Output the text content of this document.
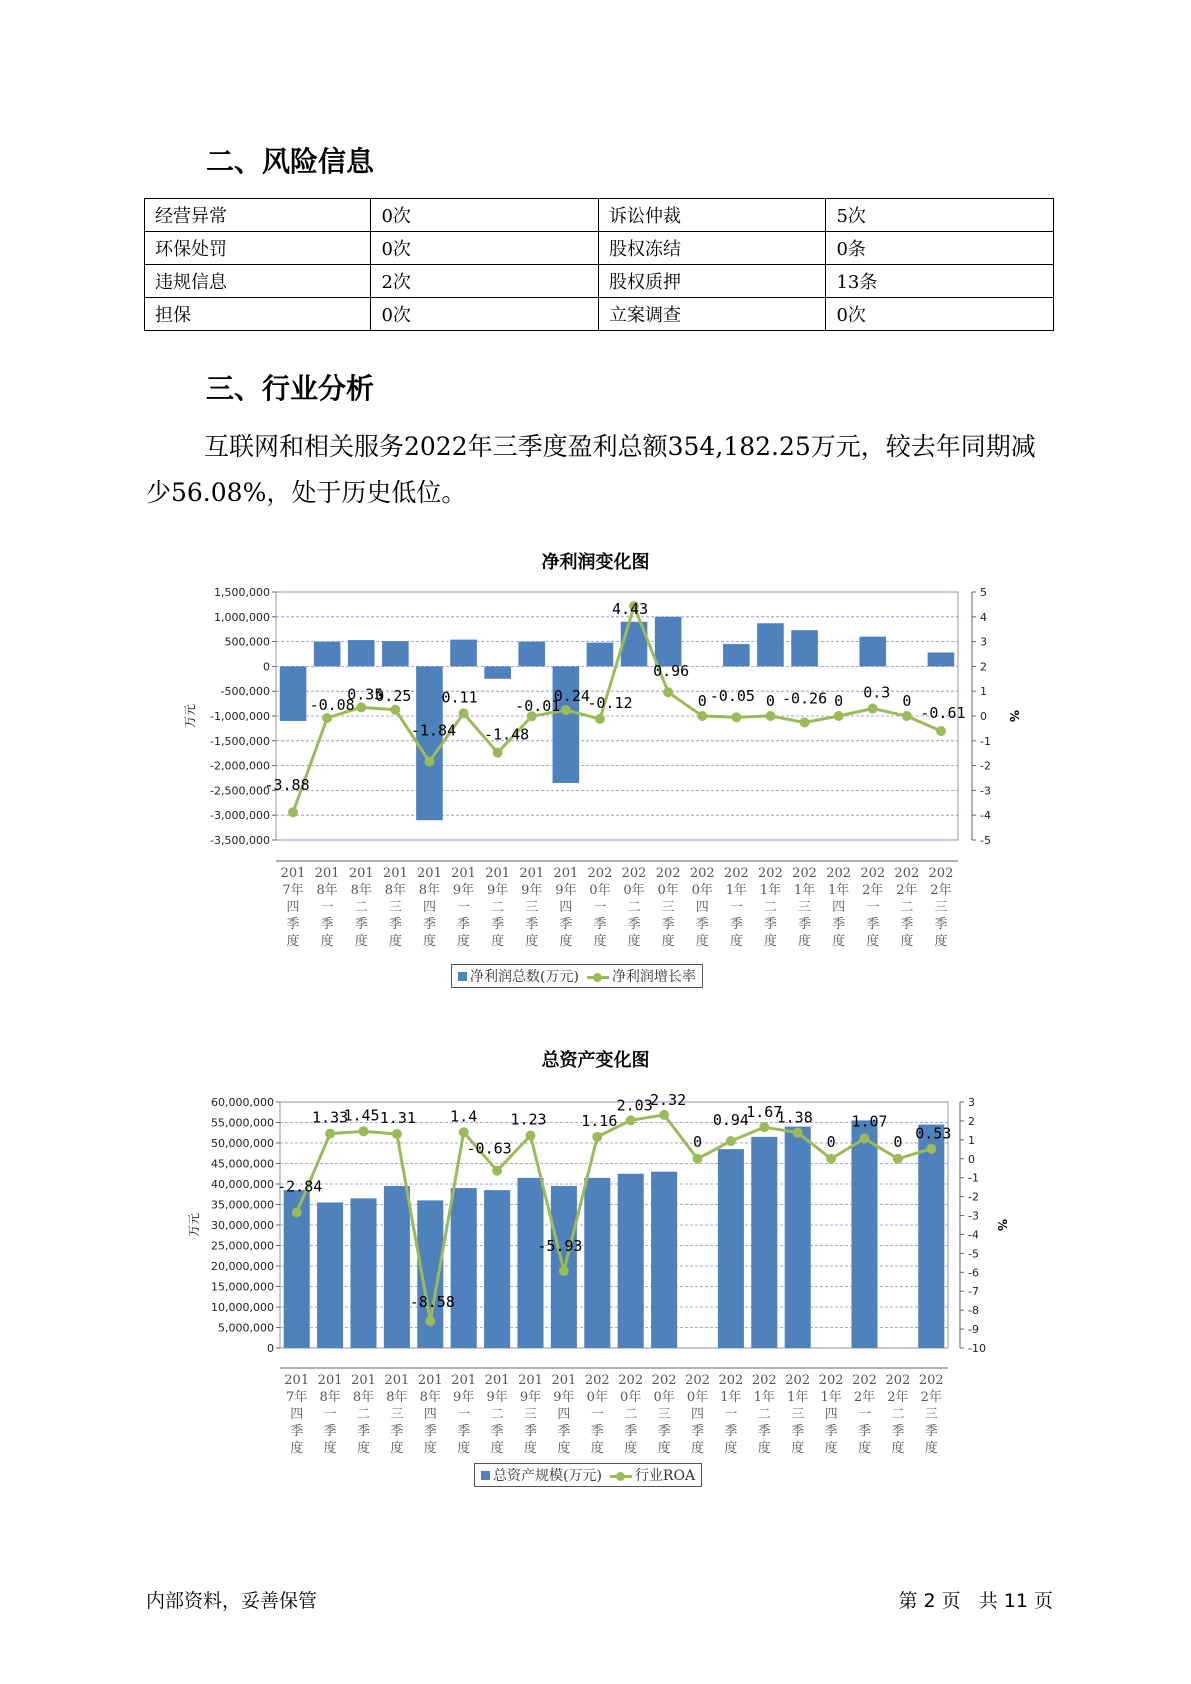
二、风险信息
经营异常	0次	诉讼仲裁	5次
环保处罚	0次	股权冻结	0条
违规信息	2次	股权质押	13条
担保	0次	立案调查	0次
三、行业分析

互联网和相关服务2022年三季度盈利总额354,182.25万元，较去年同期减少56.08%，处于历史低位。

净利润变化图
1,500,000
1,000,000
500,000
0
-500,000
-1,000,000
-1,500,000
-2,000,000
-2,500,000
-3,000,000
-3,500,000
5
4
3
2
1
0
-1
-2
-3
-4
-5
万元	%
201 7年四季度
201 8年一季度
201 8年二季度
201 8年三季度
201 8年四季度
201 9年一季度
201 9年二季度
201 9年三季度
201 9年四季度
202 0年一季度
202 0年二季度
202 0年三季度
202 0年四季度
202 1年一季度
202 1年二季度
202 1年三季度
202 1年四季度
202 2年一季度
202 2年二季度
202 2年三季度
-3.88
-0.08
0.35
0.25
-1.84
0.11
-1.48
-0.01
0.24
-0.12
4.43
0.96
0 -0.05 0 -0.26 0 0.3 0
-0.61
净利润总数(万元)	净利润增长率
总资产变化图
60,000,000
55,000,000
50,000,000
45,000,000
40,000,000
35,000,000
30,000,000
25,000,000
20,000,000
15,000,000
10,000,000
5,000,000
0
3
2
1
0
-1
-2
-3
-4
-5
-6
-7
-8
-9
-10
万元	%
201 7年四季度
201 8年一季度
201 8年二季度
201 8年三季度
201 8年四季度
201 9年一季度
201 9年二季度
201 9年三季度
201 9年四季度
202 0年一季度
202 0年二季度
202 0年三季度
202 0年四季度
202 1年一季度
202 1年二季度
202 1年三季度
202 1年四季度
202 2年一季度
202 2年二季度
202 2年三季度
-2.84
1.33
1.45 1.31
-8.58
1.4
-0.63
1.23
-5.93
1.16
2.03
2.32
0
0.94
1.67
1.38
0
1.07
0 0.53
总资产规模(万元)	行业ROA
内部资料，妥善保管	第 2 页   共 11 页
